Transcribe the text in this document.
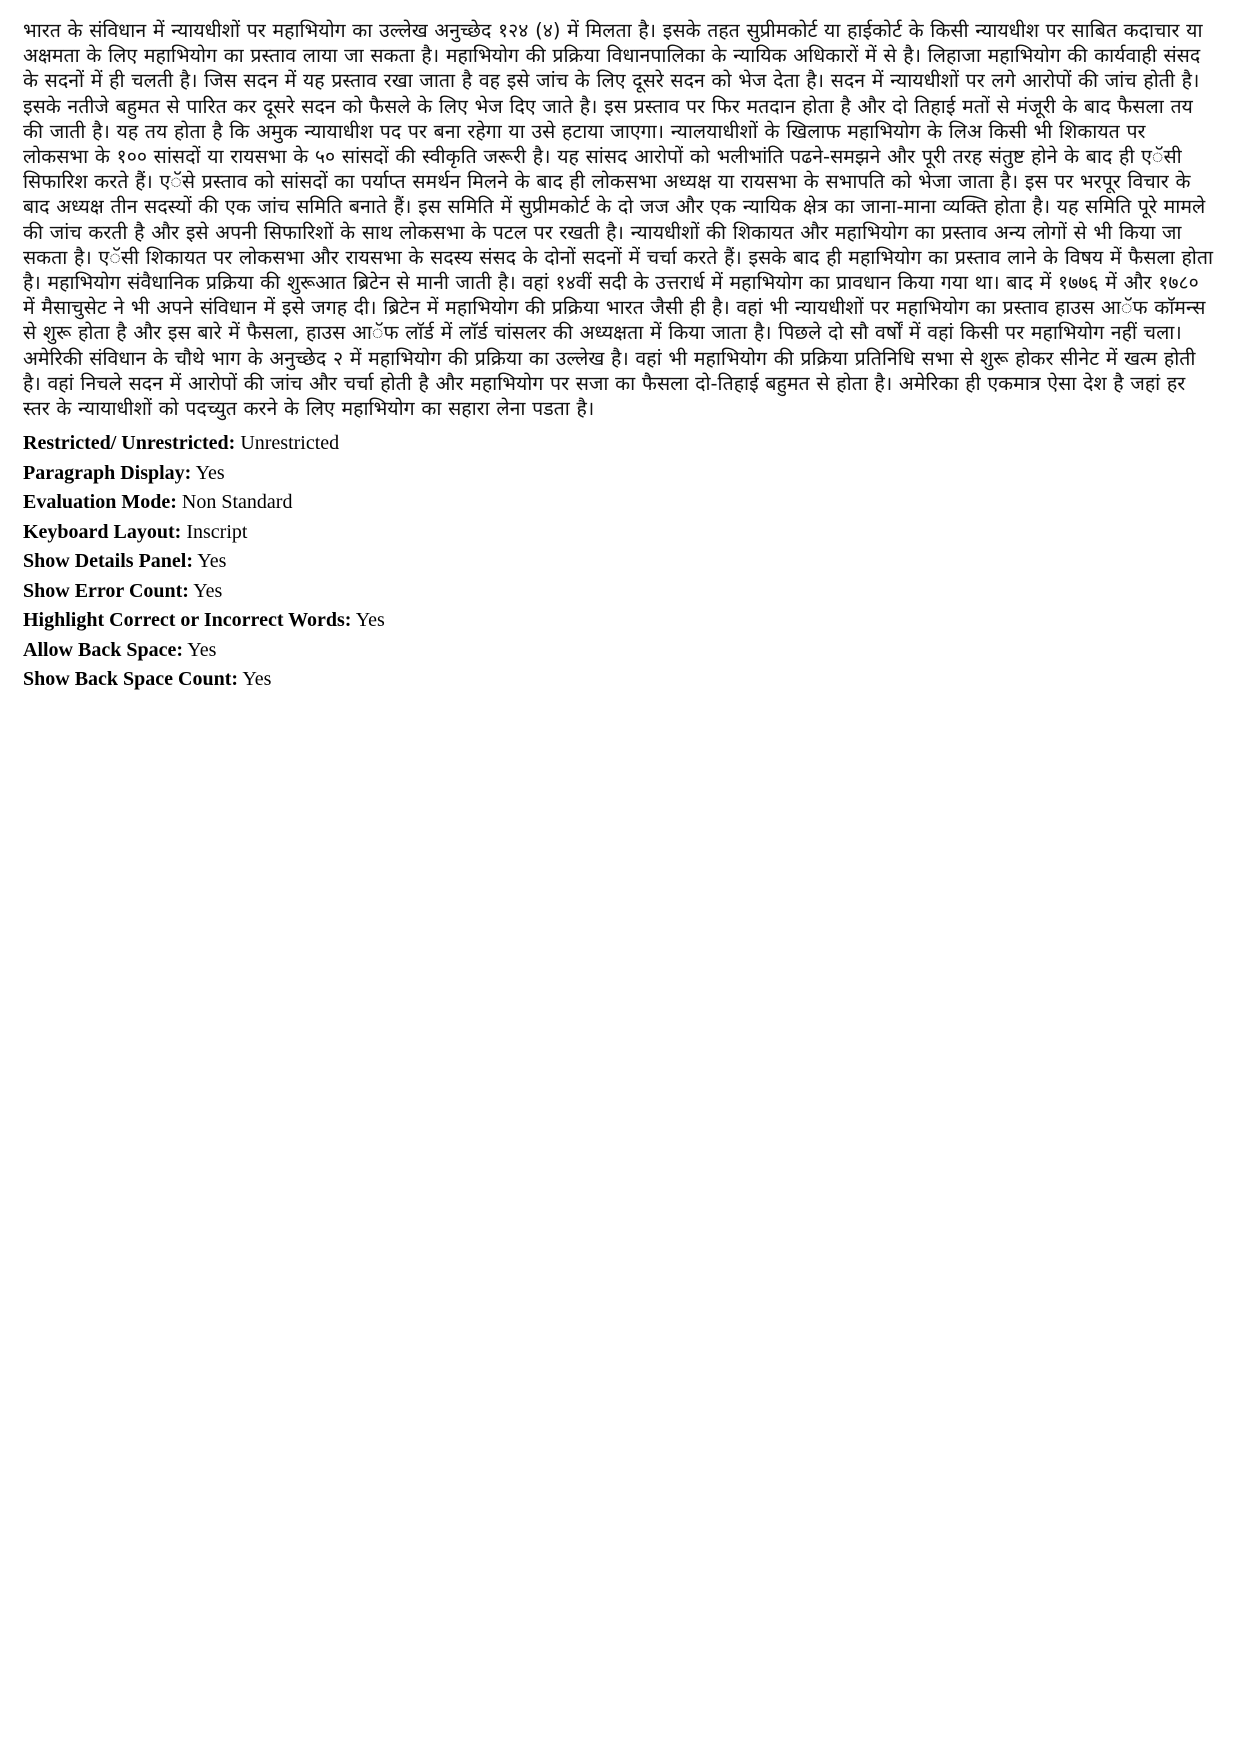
भारत के संविधान में न्यायधीशों पर महाभियोग का उल्लेख अनुच्छेद १२४ (४) में मिलता है। इसके तहत सुप्रीमकोर्ट या हाईकोर्ट के किसी न्यायधीश पर साबित कदाचार या अक्षमता के लिए महाभियोग का प्रस्ताव लाया जा सकता है। महाभियोग की प्रक्रिया विधानपालिका के न्यायिक अधिकारों में से है। लिहाजा महाभियोग की कार्यवाही संसद के सदनों में ही चलती है। जिस सदन में यह प्रस्ताव रखा जाता है वह इसे जांच के लिए दूसरे सदन को भेज देता है। सदन में न्यायधीशों पर लगे आरोपों की जांच होती है। इसके नतीजे बहुमत से पारित कर दूसरे सदन को फैसले के लिए भेज दिए जाते है। इस प्रस्ताव पर फिर मतदान होता है और दो तिहाई मतों से मंजूरी के बाद फैसला तय की जाती है। यह तय होता है कि अमुक न्यायाधीश पद पर बना रहेगा या उसे हटाया जाएगा। न्यालयाधीशों के खिलाफ महाभियोग के लिअ किसी भी शिकायत पर लोकसभा के १०० सांसदों या रायसभा के ५० सांसदों की स्वीकृति जरूरी है। यह सांसद आरोपों को भलीभांति पढने-समझने और पूरी तरह संतुष्ट होने के बाद ही एॅसी सिफारिश करते हैं। एॅसे प्रस्ताव को सांसदों का पर्याप्त समर्थन मिलने के बाद ही लोकसभा अध्यक्ष या रायसभा के सभापति को भेजा जाता है। इस पर भरपूर विचार के बाद अध्यक्ष तीन सदस्यों की एक जांच समिति बनाते हैं। इस समिति में सुप्रीमकोर्ट के दो जज और एक न्यायिक क्षेत्र का जाना-माना व्यक्ति होता है। यह समिति पूरे मामले की जांच करती है और इसे अपनी सिफारिशों के साथ लोकसभा के पटल पर रखती है। न्यायधीशों की शिकायत और महाभियोग का प्रस्ताव अन्य लोगों से भी किया जा सकता है। एॅसी शिकायत पर लोकसभा और रायसभा के सदस्य संसद के दोनों सदनों में चर्चा करते हैं। इसके बाद ही महाभियोग का प्रस्ताव लाने के विषय में फैसला होता है। महाभियोग संवैधानिक प्रक्रिया की शुरूआत ब्रिटेन से मानी जाती है। वहां १४वीं सदी के उत्तरार्ध में महाभियोग का प्रावधान किया गया था। बाद में १७७६ में और १७८० में मैसाचुसेट ने भी अपने संविधान में इसे जगह दी। ब्रिटेन में महाभियोग की प्रक्रिया भारत जैसी ही है। वहां भी न्यायधीशों पर महाभियोग का प्रस्ताव हाउस आॅफ काॅमन्स से शुरू होता है और इस बारे में फैसला, हाउस आॅफ लाॅर्ड में लाॅर्ड चांसलर की अध्यक्षता में किया जाता है। पिछले दो सौ वर्षों में वहां किसी पर महाभियोग नहीं चला। अमेरिकी संविधान के चौथे भाग के अनुच्छेद २ में महाभियोग की प्रक्रिया का उल्लेख है। वहां भी महाभियोग की प्रक्रिया प्रतिनिधि सभा से शुरू होकर सीनेट में खत्म होती है। वहां निचले सदन में आरोपों की जांच और चर्चा होती है और महाभियोग पर सजा का फैसला दो-तिहाई बहुमत से होता है। अमेरिका ही एकमात्र ऐसा देश है जहां हर स्तर के न्यायाधीशों को पदच्युत करने के लिए महाभियोग का सहारा लेना पडता है।

Restricted/ Unrestricted: Unrestricted
Paragraph Display: Yes
Evaluation Mode: Non Standard
Keyboard Layout: Inscript
Show Details Panel: Yes
Show Error Count: Yes
Highlight Correct or Incorrect Words: Yes
Allow Back Space: Yes
Show Back Space Count: Yes
